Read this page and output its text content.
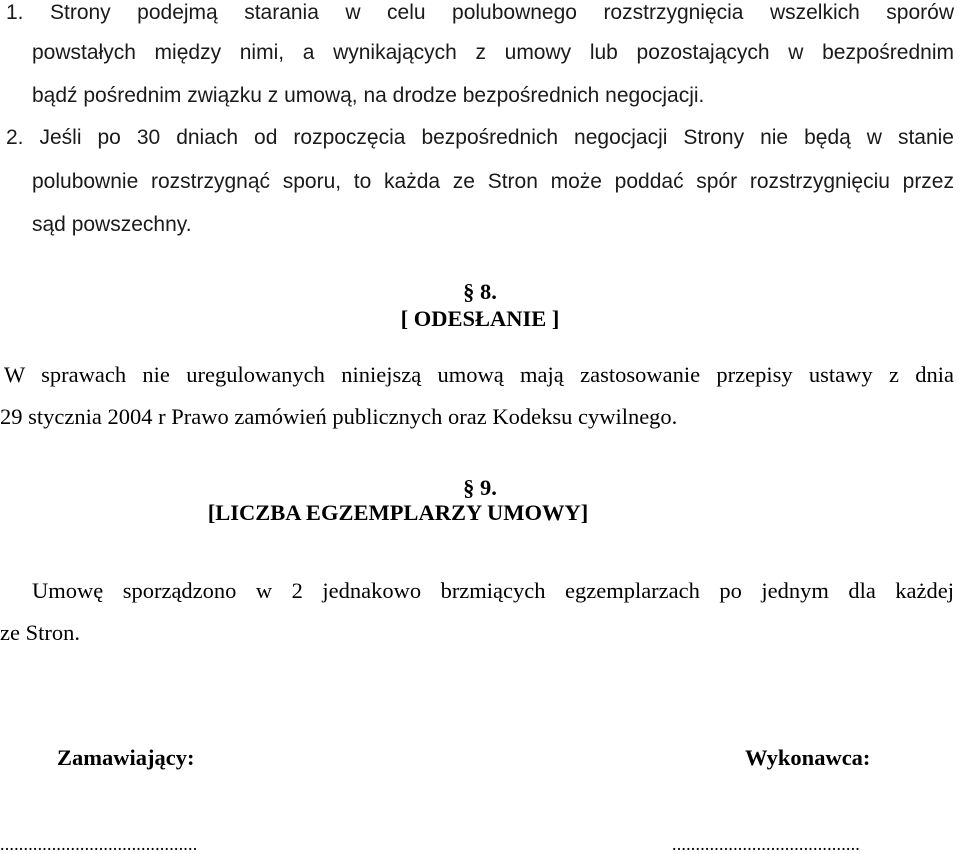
1. Strony podejmą starania w celu polubownego rozstrzygnięcia wszelkich sporów
powstałych między nimi, a wynikających z umowy lub pozostających w bezpośrednim
bądź pośrednim związku z umową, na drodze bezpośrednich negocjacji.
2. Jeśli po 30 dniach od rozpoczęcia bezpośrednich negocjacji Strony nie będą w stanie
polubownie rozstrzygnąć sporu, to każda ze Stron może poddać spór rozstrzygnięciu przez
sąd powszechny.
§ 8.
[ ODESŁANIE ]
W sprawach nie uregulowanych niniejszą umową mają zastosowanie przepisy ustawy z dnia
29 stycznia 2004 r Prawo zamówień publicznych oraz Kodeksu cywilnego.
§ 9.
[LICZBA EGZEMPLARZY UMOWY]
Umowę sporządzono w 2 jednakowo brzmiących egzemplarzach po jednym dla każdej
ze Stron.
Zamawiający:	Wykonawca:
..........................................	........................................
